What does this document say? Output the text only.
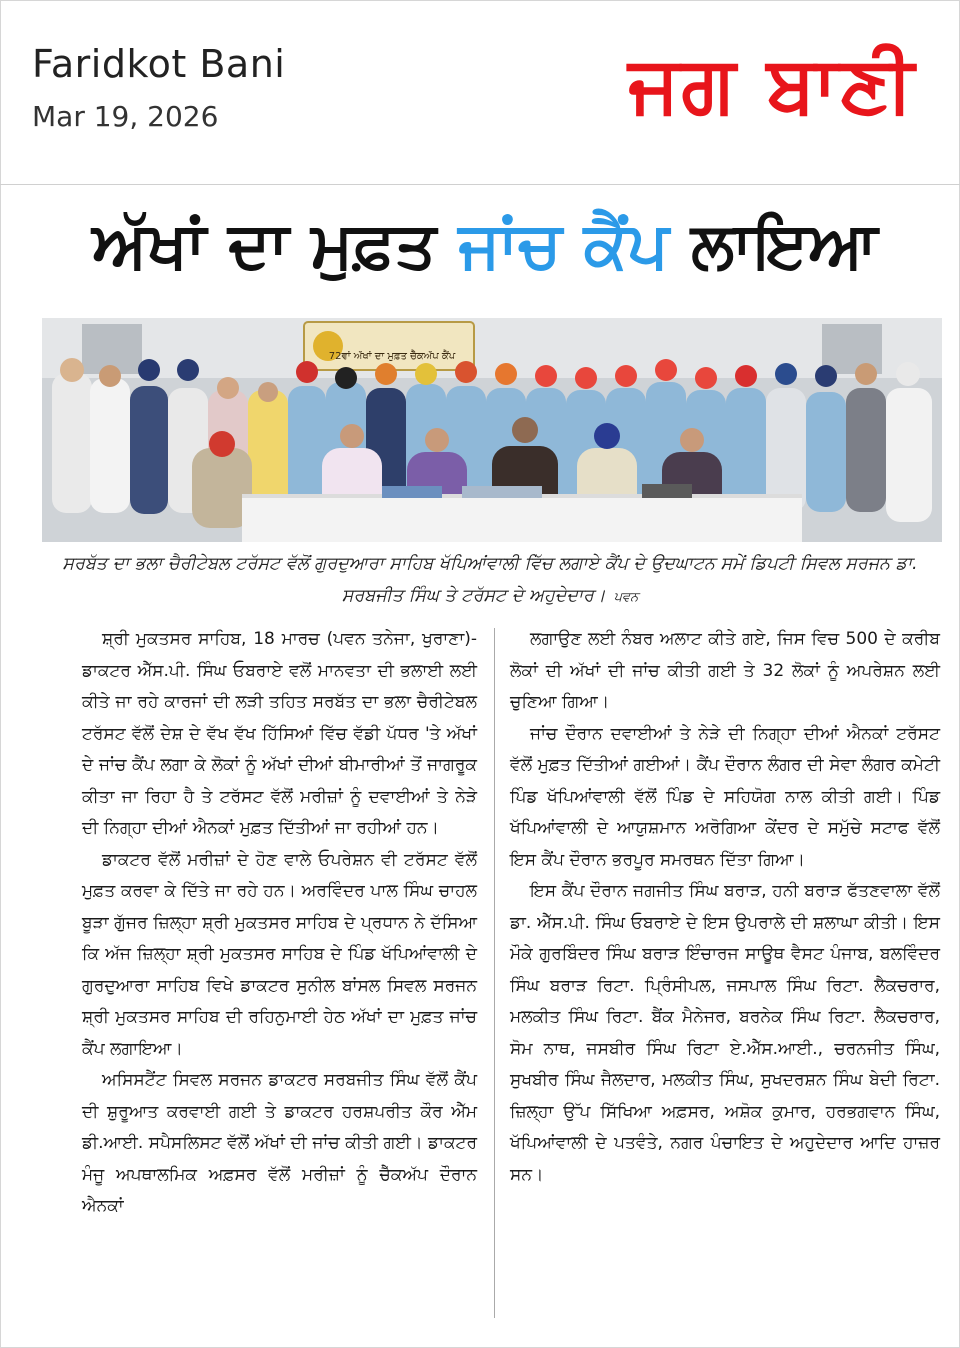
Faridkot Bani
Mar 19, 2026	ਜਗ ਬਾਣੀ
ਅੱਖਾਂ ਦਾ ਮੁਫ਼ਤ ਜਾਂਚ ਕੈਂਪ ਲਾਇਆ
72ਵਾਂ ਅੱਖਾਂ ਦਾ ਮੁਫ਼ਤ ਚੈੱਕਅੱਪ ਕੈਂਪ
ਸਰਬੱਤ ਦਾ ਭਲਾ ਚੈਰੀਟੇਬਲ ਟਰੱਸਟ ਵੱਲੋਂ ਗੁਰਦੁਆਰਾ ਸਾਹਿਬ ਖੱਪਿਆਂਵਾਲੀ ਵਿੱਚ ਲਗਾਏ ਕੈਂਪ ਦੇ ਉਦਘਾਟਨ ਸਮੇਂ ਡਿਪਟੀ ਸਿਵਲ ਸਰਜਨ ਡਾ. ਸਰਬਜੀਤ ਸਿੰਘ ਤੇ ਟਰੱਸਟ ਦੇ ਅਹੁਦੇਦਾਰ। ਪਵਨ

ਸ਼੍ਰੀ ਮੁਕਤਸਰ ਸਾਹਿਬ, 18 ਮਾਰਚ (ਪਵਨ ਤਨੇਜਾ, ਖੁਰਾਣਾ)-ਡਾਕਟਰ ਐੱਸ.ਪੀ. ਸਿੰਘ ਓਬਰਾਏ ਵਲੋਂ ਮਾਨਵਤਾ ਦੀ ਭਲਾਈ ਲਈ ਕੀਤੇ ਜਾ ਰਹੇ ਕਾਰਜਾਂ ਦੀ ਲੜੀ ਤਹਿਤ ਸਰਬੱਤ ਦਾ ਭਲਾ ਚੈਰੀਟੇਬਲ ਟਰੱਸਟ ਵੱਲੋਂ ਦੇਸ਼ ਦੇ ਵੱਖ ਵੱਖ ਹਿੱਸਿਆਂ ਵਿੱਚ ਵੱਡੀ ਪੱਧਰ 'ਤੇ ਅੱਖਾਂ ਦੇ ਜਾਂਚ ਕੈਂਪ ਲਗਾ ਕੇ ਲੋਕਾਂ ਨੂੰ ਅੱਖਾਂ ਦੀਆਂ ਬੀਮਾਰੀਆਂ ਤੋਂ ਜਾਗਰੂਕ ਕੀਤਾ ਜਾ ਰਿਹਾ ਹੈ ਤੇ ਟਰੱਸਟ ਵੱਲੋਂ ਮਰੀਜ਼ਾਂ ਨੂੰ ਦਵਾਈਆਂ ਤੇ ਨੇੜੇ ਦੀ ਨਿਗ੍ਹਾ ਦੀਆਂ ਐਨਕਾਂ ਮੁਫ਼ਤ ਦਿੱਤੀਆਂ ਜਾ ਰਹੀਆਂ ਹਨ।

ਡਾਕਟਰ ਵੱਲੋਂ ਮਰੀਜ਼ਾਂ ਦੇ ਹੋਣ ਵਾਲੇ ਓਪਰੇਸ਼ਨ ਵੀ ਟਰੱਸਟ ਵੱਲੋਂ ਮੁਫ਼ਤ ਕਰਵਾ ਕੇ ਦਿੱਤੇ ਜਾ ਰਹੇ ਹਨ। ਅਰਵਿੰਦਰ ਪਾਲ ਸਿੰਘ ਚਾਹਲ ਬੂੜਾ ਗੁੱਜਰ ਜ਼ਿਲ੍ਹਾ ਸ਼੍ਰੀ ਮੁਕਤਸਰ ਸਾਹਿਬ ਦੇ ਪ੍ਰਧਾਨ ਨੇ ਦੱਸਿਆ ਕਿ ਅੱਜ ਜ਼ਿਲ੍ਹਾ ਸ਼੍ਰੀ ਮੁਕਤਸਰ ਸਾਹਿਬ ਦੇ ਪਿੰਡ ਖੱਪਿਆਂਵਾਲੀ ਦੇ ਗੁਰਦੁਆਰਾ ਸਾਹਿਬ ਵਿਖੇ ਡਾਕਟਰ ਸੁਨੀਲ ਬਾਂਸਲ ਸਿਵਲ ਸਰਜਨ ਸ਼੍ਰੀ ਮੁਕਤਸਰ ਸਾਹਿਬ ਦੀ ਰਹਿਨੁਮਾਈ ਹੇਠ ਅੱਖਾਂ ਦਾ ਮੁਫ਼ਤ ਜਾਂਚ ਕੈਂਪ ਲਗਾਇਆ।

ਅਸਿਸਟੈਂਟ ਸਿਵਲ ਸਰਜਨ ਡਾਕਟਰ ਸਰਬਜੀਤ ਸਿੰਘ ਵੱਲੋਂ ਕੈਂਪ ਦੀ ਸ਼ੁਰੂਆਤ ਕਰਵਾਈ ਗਈ ਤੇ ਡਾਕਟਰ ਹਰਸ਼ਪਰੀਤ ਕੌਰ ਐੱਮ ਡੀ.ਆਈ. ਸਪੈਸਲਿਸਟ ਵੱਲੋਂ ਅੱਖਾਂ ਦੀ ਜਾਂਚ ਕੀਤੀ ਗਈ। ਡਾਕਟਰ ਮੰਜੂ ਅਪਥਾਲਮਿਕ ਅਫ਼ਸਰ ਵੱਲੋਂ ਮਰੀਜ਼ਾਂ ਨੂੰ ਚੈੱਕਅੱਪ ਦੌਰਾਨ ਐਨਕਾਂ

ਲਗਾਉਣ ਲਈ ਨੰਬਰ ਅਲਾਟ ਕੀਤੇ ਗਏ, ਜਿਸ ਵਿਚ 500 ਦੇ ਕਰੀਬ ਲੋਕਾਂ ਦੀ ਅੱਖਾਂ ਦੀ ਜਾਂਚ ਕੀਤੀ ਗਈ ਤੇ 32 ਲੋਕਾਂ ਨੂੰ ਅਪਰੇਸ਼ਨ ਲਈ ਚੁਣਿਆ ਗਿਆ।

ਜਾਂਚ ਦੌਰਾਨ ਦਵਾਈਆਂ ਤੇ ਨੇੜੇ ਦੀ ਨਿਗ੍ਹਾ ਦੀਆਂ ਐਨਕਾਂ ਟਰੱਸਟ ਵੱਲੋਂ ਮੁਫ਼ਤ ਦਿੱਤੀਆਂ ਗਈਆਂ। ਕੈਂਪ ਦੌਰਾਨ ਲੰਗਰ ਦੀ ਸੇਵਾ ਲੰਗਰ ਕਮੇਟੀ ਪਿੰਡ ਖੱਪਿਆਂਵਾਲੀ ਵੱਲੋਂ ਪਿੰਡ ਦੇ ਸਹਿਯੋਗ ਨਾਲ ਕੀਤੀ ਗਈ। ਪਿੰਡ ਖੱਪਿਆਂਵਾਲੀ ਦੇ ਆਯੁਸ਼ਮਾਨ ਅਰੋਗਿਆ ਕੇਂਦਰ ਦੇ ਸਮੁੱਚੇ ਸਟਾਫ ਵੱਲੋਂ ਇਸ ਕੈਂਪ ਦੌਰਾਨ ਭਰਪੂਰ ਸਮਰਥਨ ਦਿੱਤਾ ਗਿਆ।

ਇਸ ਕੈਂਪ ਦੌਰਾਨ ਜਗਜੀਤ ਸਿੰਘ ਬਰਾੜ, ਹਨੀ ਬਰਾੜ ਫੱਤਣਵਾਲਾ ਵੱਲੋਂ ਡਾ. ਐੱਸ.ਪੀ. ਸਿੰਘ ਓਬਰਾਏ ਦੇ ਇਸ ਉਪਰਾਲੇ ਦੀ ਸ਼ਲਾਘਾ ਕੀਤੀ। ਇਸ ਮੌਕੇ ਗੁਰਬਿੰਦਰ ਸਿੰਘ ਬਰਾੜ ਇੰਚਾਰਜ ਸਾਊਥ ਵੈਸਟ ਪੰਜਾਬ, ਬਲਵਿੰਦਰ ਸਿੰਘ ਬਰਾੜ ਰਿਟਾ. ਪ੍ਰਿੰਸੀਪਲ, ਜਸਪਾਲ ਸਿੰਘ ਰਿਟਾ. ਲੈਕਚਰਾਰ, ਮਲਕੀਤ ਸਿੰਘ ਰਿਟਾ. ਬੈਂਕ ਮੈਨੇਜਰ, ਬਰਨੇਕ ਸਿੰਘ ਰਿਟਾ. ਲੈਕਚਰਾਰ, ਸੋਮ ਨਾਥ, ਜਸਬੀਰ ਸਿੰਘ ਰਿਟਾ ਏ.ਐੱਸ.ਆਈ., ਚਰਨਜੀਤ ਸਿੰਘ, ਸੁਖਬੀਰ ਸਿੰਘ ਜੈਲਦਾਰ, ਮਲਕੀਤ ਸਿੰਘ, ਸੁਖਦਰਸ਼ਨ ਸਿੰਘ ਬੇਦੀ ਰਿਟਾ. ਜ਼ਿਲ੍ਹਾ ਉੱਪ ਸਿੱਖਿਆ ਅਫ਼ਸਰ, ਅਸ਼ੋਕ ਕੁਮਾਰ, ਹਰਭਗਵਾਨ ਸਿੰਘ, ਖੱਪਿਆਂਵਾਲੀ ਦੇ ਪਤਵੰਤੇ, ਨਗਰ ਪੰਚਾਇਤ ਦੇ ਅਹੁਦੇਦਾਰ ਆਦਿ ਹਾਜ਼ਰ ਸਨ।
